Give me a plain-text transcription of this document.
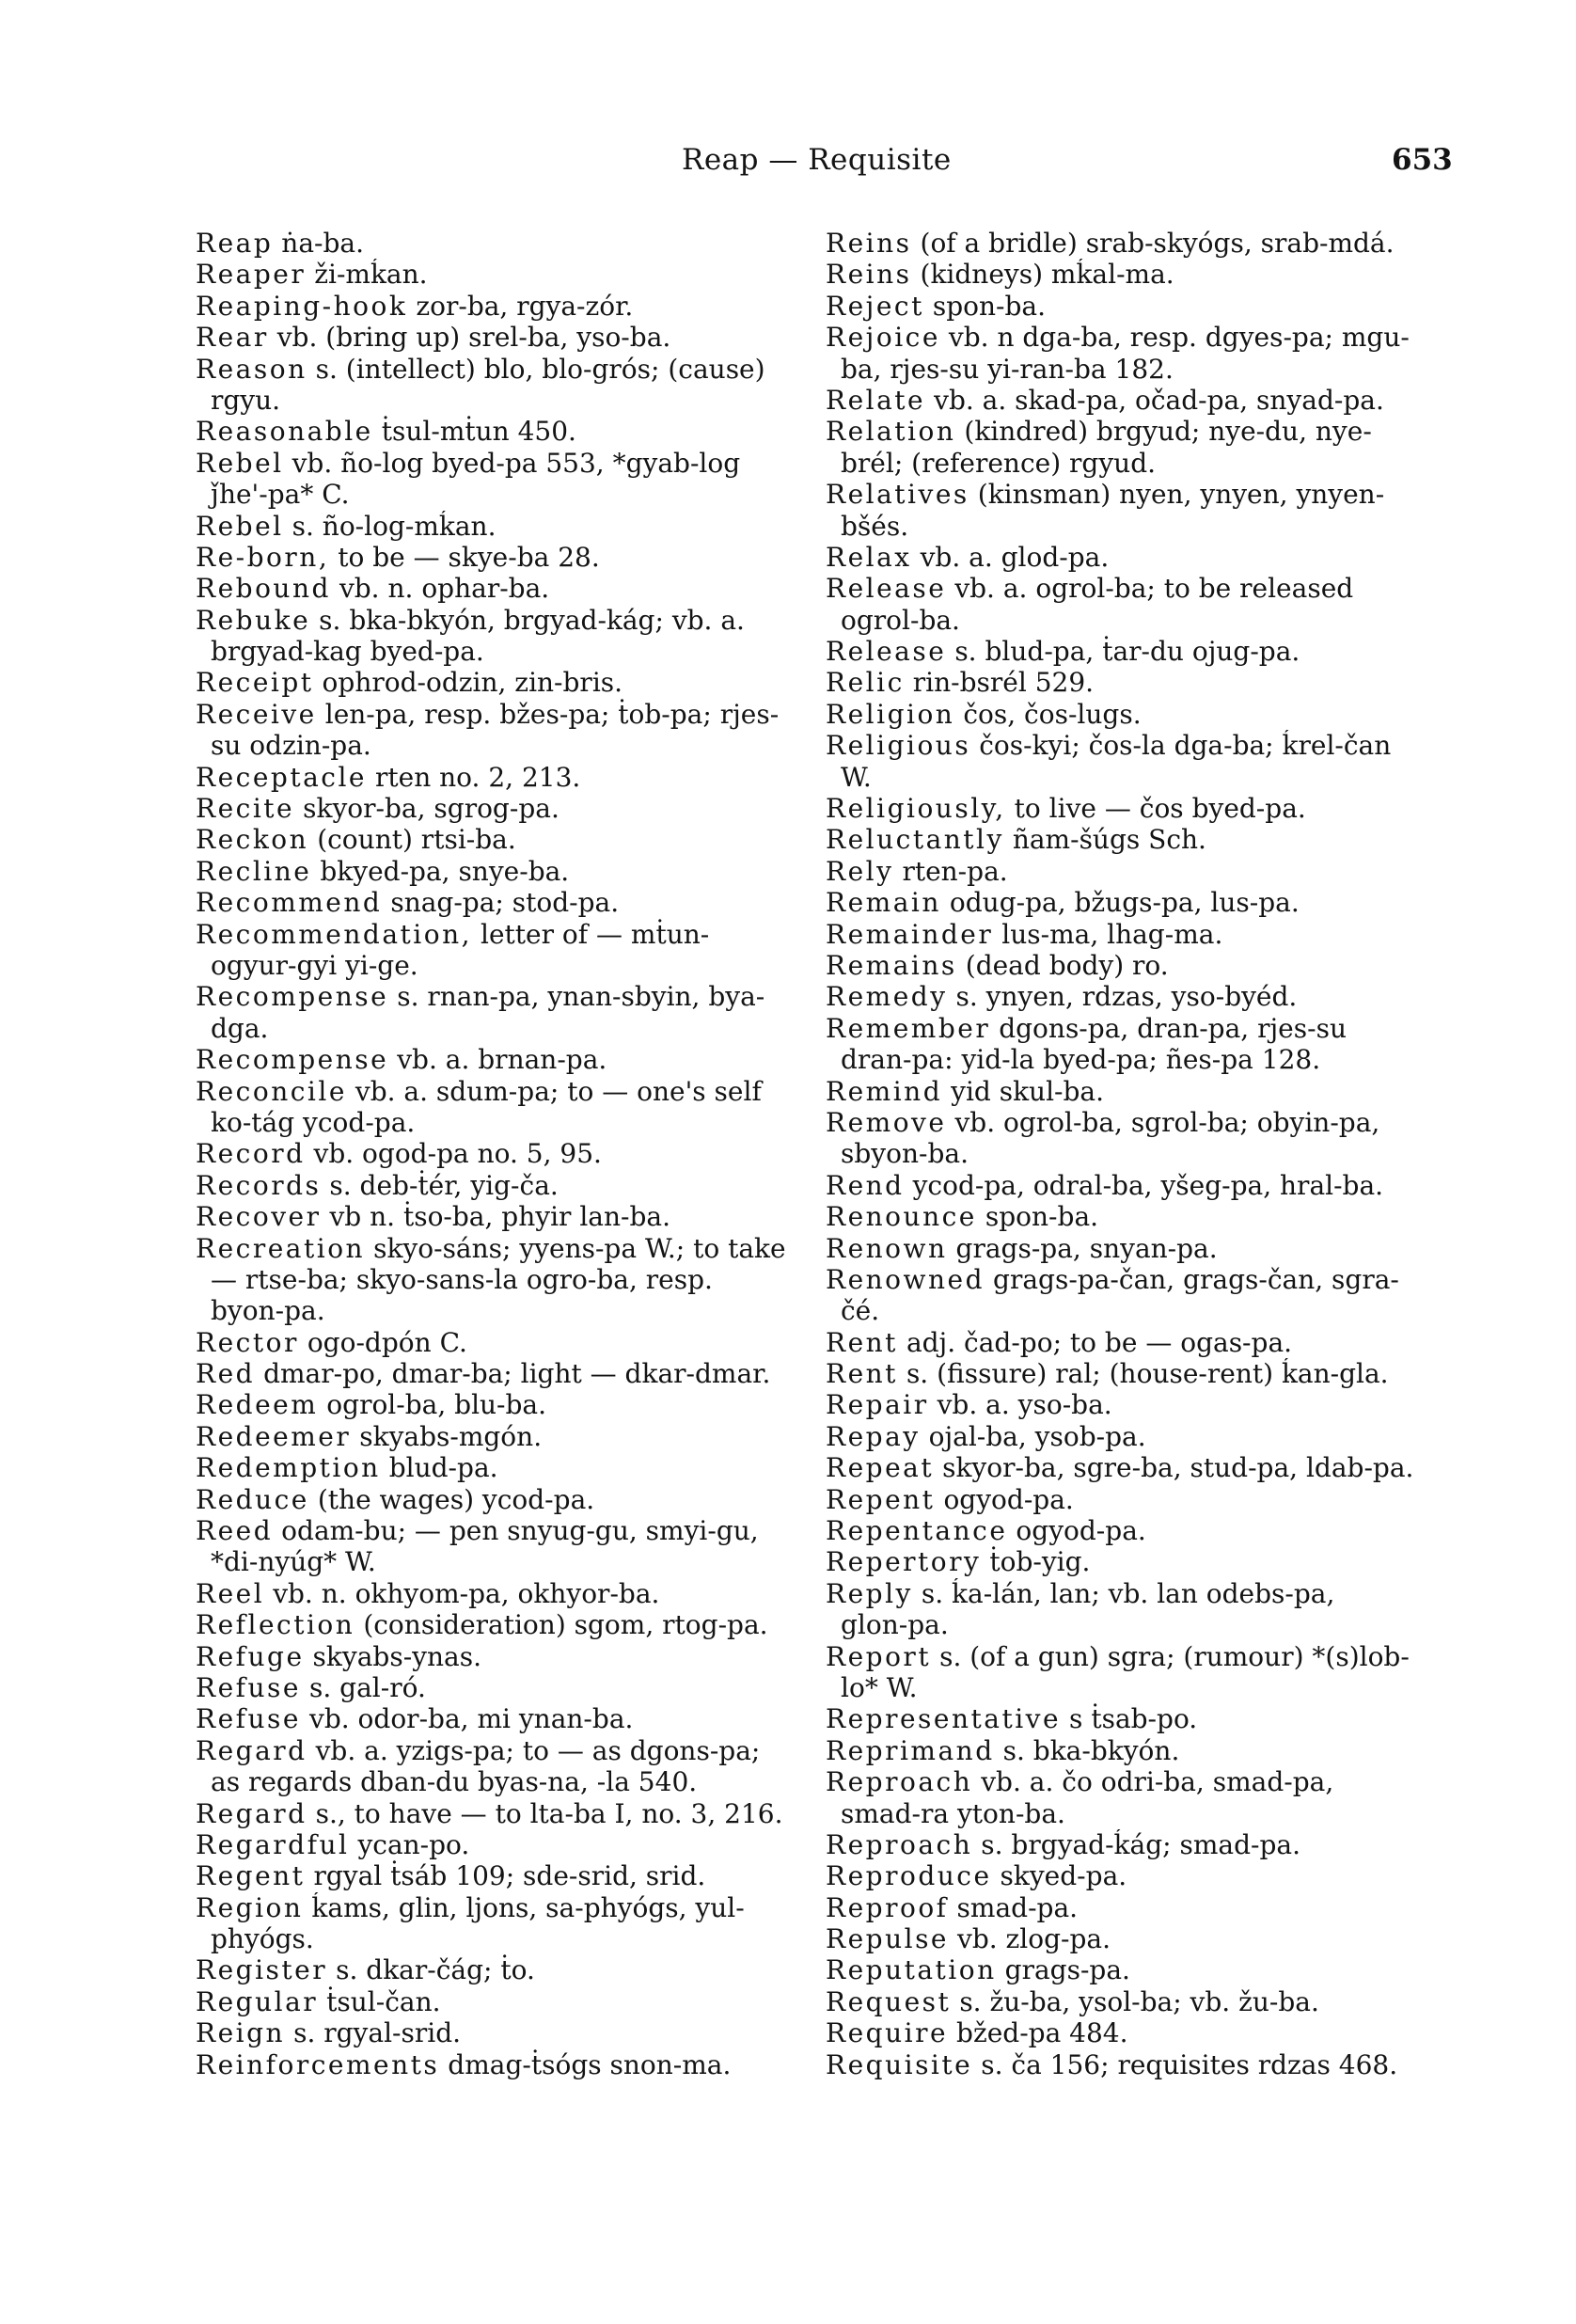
Reap — Requisite	653
Reap ṅa-ba.
Reaper ži-mḱan.
Reaping-hook zor-ba, rgya-zór.
Rear vb. (bring up) srel-ba, yso-ba.
Reason s. (intellect) blo, blo-grós; (cause)
rgyu.
Reasonable ṫsul-mṫun 450.
Rebel vb. ño-log byed-pa 553, *gyab-log
ǰhe'-pa* C.
Rebel s. ño-log-mḱan.
Re-born, to be — skye-ba 28.
Rebound vb. n. ophar-ba.
Rebuke s. bka-bkyón, brgyad-kág; vb. a.
brgyad-kag byed-pa.
Receipt ophrod-odzin, zin-bris.
Receive len-pa, resp. bžes-pa; ṫob-pa; rjes-
su odzin-pa.
Receptacle rten no. 2, 213.
Recite skyor-ba, sgrog-pa.
Reckon (count) rtsi-ba.
Recline bkyed-pa, snye-ba.
Recommend snag-pa; stod-pa.
Recommendation, letter of — mṫun-
ogyur-gyi yi-ge.
Recompense s. rnan-pa, ynan-sbyin, bya-
dga.
Recompense vb. a. brnan-pa.
Reconcile vb. a. sdum-pa; to — one's self
ko-tág ycod-pa.
Record vb. ogod-pa no. 5, 95.
Records s. deb-ṫér, yig-ča.
Recover vb n. ṫso-ba, phyir lan-ba.
Recreation skyo-sáns; yyens-pa W.; to take
— rtse-ba; skyo-sans-la ogro-ba, resp.
byon-pa.
Rector ogo-dpón C.
Red dmar-po, dmar-ba; light — dkar-dmar.
Redeem ogrol-ba, blu-ba.
Redeemer skyabs-mgón.
Redemption blud-pa.
Reduce (the wages) ycod-pa.
Reed odam-bu; — pen snyug-gu, smyi-gu,
*di-nyúg* W.
Reel vb. n. okhyom-pa, okhyor-ba.
Reflection (consideration) sgom, rtog-pa.
Refuge skyabs-ynas.
Refuse s. gal-ró.
Refuse vb. odor-ba, mi ynan-ba.
Regard vb. a. yzigs-pa; to — as dgons-pa;
as regards dban-du byas-na, -la 540.
Regard s., to have — to lta-ba I, no. 3, 216.
Regardful ycan-po.
Regent rgyal ṫsáb 109; sde-srid, srid.
Region ḱams, glin, ljons, sa-phyógs, yul-
phyógs.
Register s. dkar-čág; ṫo.
Regular ṫsul-čan.
Reign s. rgyal-srid.
Reinforcements dmag-ṫsógs snon-ma.
Reins (of a bridle) srab-skyógs, srab-mdá.
Reins (kidneys) mḱal-ma.
Reject spon-ba.
Rejoice vb. n dga-ba, resp. dgyes-pa; mgu-
ba, rjes-su yi-ran-ba 182.
Relate vb. a. skad-pa, očad-pa, snyad-pa.
Relation (kindred) brgyud; nye-du, nye-
brél; (reference) rgyud.
Relatives (kinsman) nyen, ynyen, ynyen-
bšés.
Relax vb. a. glod-pa.
Release vb. a. ogrol-ba; to be released
ogrol-ba.
Release s. blud-pa, ṫar-du ojug-pa.
Relic rin-bsrél 529.
Religion čos, čos-lugs.
Religious čos-kyi; čos-la dga-ba; ḱrel-čan
W.
Religiously, to live — čos byed-pa.
Reluctantly ñam-šúgs Sch.
Rely rten-pa.
Remain odug-pa, bžugs-pa, lus-pa.
Remainder lus-ma, lhag-ma.
Remains (dead body) ro.
Remedy s. ynyen, rdzas, yso-byéd.
Remember dgons-pa, dran-pa, rjes-su
dran-pa: yid-la byed-pa; ñes-pa 128.
Remind yid skul-ba.
Remove vb. ogrol-ba, sgrol-ba; obyin-pa,
sbyon-ba.
Rend ycod-pa, odral-ba, yšeg-pa, hral-ba.
Renounce spon-ba.
Renown grags-pa, snyan-pa.
Renowned grags-pa-čan, grags-čan, sgra-
čé.
Rent adj. čad-po; to be — ogas-pa.
Rent s. (fissure) ral; (house-rent) ḱan-gla.
Repair vb. a. yso-ba.
Repay ojal-ba, ysob-pa.
Repeat skyor-ba, sgre-ba, stud-pa, ldab-pa.
Repent ogyod-pa.
Repentance ogyod-pa.
Repertory ṫob-yig.
Reply s. ḱa-lán, lan; vb. lan odebs-pa,
glon-pa.
Report s. (of a gun) sgra; (rumour) *(s)lob-
lo* W.
Representative s ṫsab-po.
Reprimand s. bka-bkyón.
Reproach vb. a. čo odri-ba, smad-pa,
smad-ra yton-ba.
Reproach s. brgyad-ḱág; smad-pa.
Reproduce skyed-pa.
Reproof smad-pa.
Repulse vb. zlog-pa.
Reputation grags-pa.
Request s. žu-ba, ysol-ba; vb. žu-ba.
Require bžed-pa 484.
Requisite s. ča 156; requisites rdzas 468.
